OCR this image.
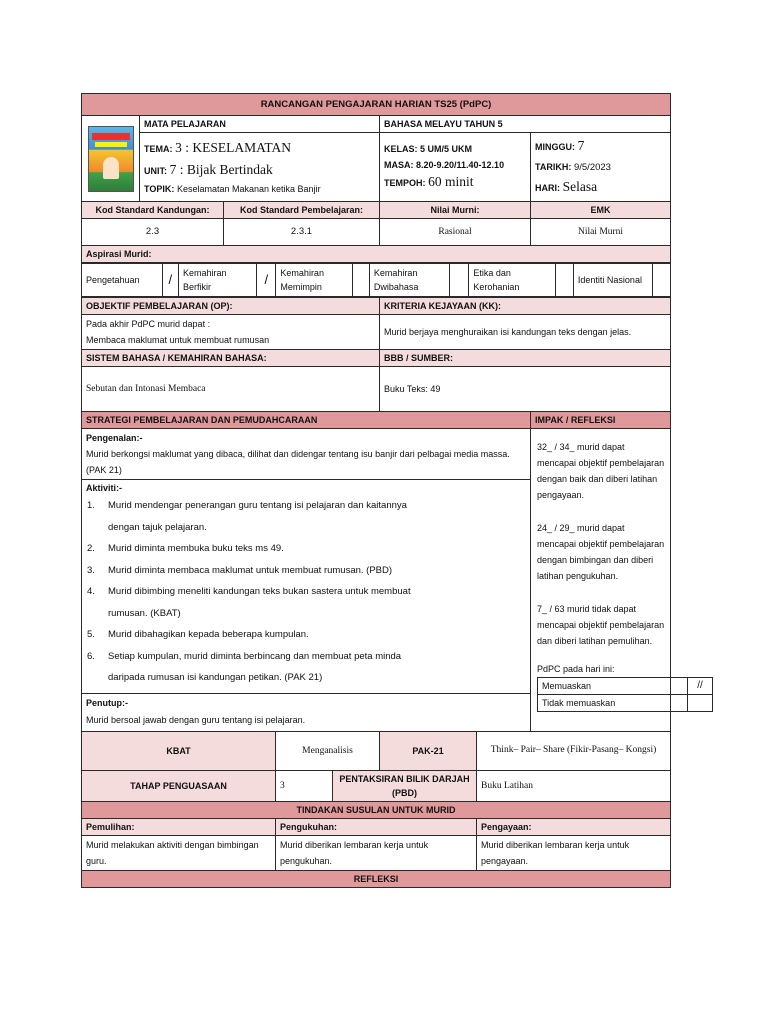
RANCANGAN PENGAJARAN HARIAN TS25 (PdPC)

	MATA PELAJARAN	BAHASA MELAYU TAHUN 5

TEMA: 3 : KESELAMATAN
UNIT: 7 : Bijak Bertindak
TOPIK: Keselamatan Makanan ketika Banjir

KELAS: 5 UM/5 UKM
MASA: 8.20-9.20/11.40-12.10
TEMPOH: 60 minit

MINGGU: 7
TARIKH: 9/5/2023
HARI: Selasa

Kod Standard Kandungan:	Kod Standard Pembelajaran:	Nilai Murni:	EMK
2.3	2.3.1	Rasional	Nilai Murni
Aspirasi Murid:

Pengetahuan	/	Kemahiran Berfikir	/	Kemahiran Memimpin		Kemahiran Dwibahasa		Etika dan Kerohanian		Identiti Nasional	

OBJEKTIF PEMBELAJARAN (OP):	KRITERIA KEJAYAAN (KK):

Pada akhir PdPC murid dapat :
Membaca maklumat untuk membuat rumusan
	Murid berjaya menghuraikan isi kandungan teks dengan jelas.
SISTEM BAHASA / KEMAHIRAN BAHASA:	BBB / SUMBER:

Sebutan dan Intonasi Membaca	Buku Teks: 49
STRATEGI PEMBELAJARAN DAN PEMUDAHCARAAN	IMPAK / REFLEKSI

Pengenalan:-
Murid berkongsi maklumat yang dibaca, dilihat dan didengar tentang isu banjir dari pelbagai media massa. (PAK 21)
Aktiviti:-
1. Murid mendengar penerangan guru tentang isi pelajaran dan kaitannya
dengan tajuk pelajaran.
2. Murid diminta membuka buku teks ms 49.
3. Murid diminta membaca maklumat untuk membuat rumusan. (PBD)
4. Murid dibimbing meneliti kandungan teks bukan sastera untuk membuat
rumusan. (KBAT)
5. Murid dibahagikan kepada beberapa kumpulan.
6. Setiap kumpulan, murid diminta berbincang dan membuat peta minda
daripada rumusan isi kandungan petikan. (PAK 21)
Penutup:-
Murid bersoal jawab dengan guru tentang isi pelajaran.

32_ / 34_ murid dapat mencapai objektif pembelajaran dengan baik dan diberi latihan pengayaan.
24_ / 29_ murid dapat mencapai objektif pembelajaran dengan bimbingan dan diberi latihan pengukuhan.
7_ / 63 murid tidak dapat mencapai objektif pembelajaran dan diberi latihan pemulihan.
PdPC pada hari ini:
Memuaskan	//
Tidak memuaskan	

KBAT	Menganalisis	PAK-21	Think– Pair– Share (Fikir-Pasang– Kongsi)
TAHAP PENGUASAAN	3	PENTAKSIRAN BILIK DARJAH (PBD)	Buku Latihan
TINDAKAN SUSULAN UNTUK MURID
Pemulihan:	Pengukuhan:	Pengayaan:
Murid melakukan aktiviti dengan bimbingan guru.	Murid diberikan lembaran kerja untuk pengukuhan.	Murid diberikan lembaran kerja untuk pengayaan.
REFLEKSI
